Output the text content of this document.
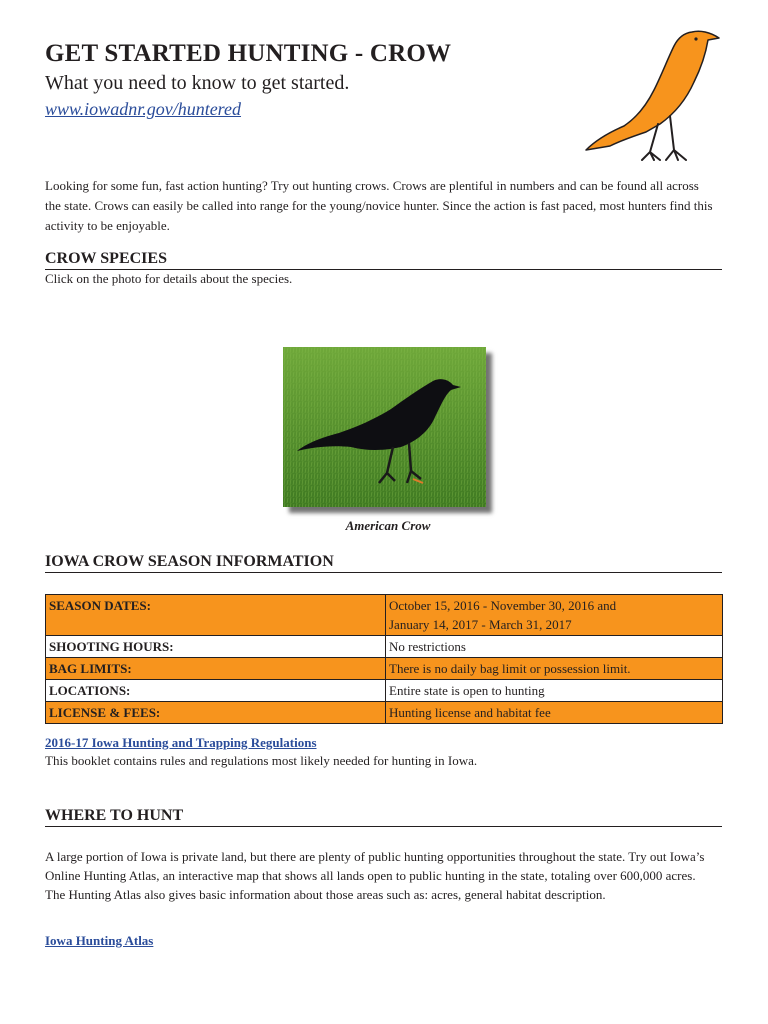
GET STARTED HUNTING - CROW
What you need to know to get started.
www.iowadnr.gov/huntered
Looking for some fun, fast action hunting? Try out hunting crows. Crows are plentiful in numbers and can be found all across the state. Crows can easily be called into range for the young/novice hunter. Since the action is fast paced, most hunters find this activity to be enjoyable.
CROW SPECIES
Click on the photo for details about the species.
American Crow
IOWA CROW SEASON INFORMATION
SEASON DATES:	October 15, 2016 - November 30, 2016 and
January 14, 2017 - March 31, 2017

SHOOTING HOURS:	No restrictions
BAG LIMITS:	There is no daily bag limit or possession limit.
LOCATIONS:	Entire state is open to hunting
LICENSE & FEES:	Hunting license and habitat fee
2016-17 Iowa Hunting and Trapping Regulations
This booklet contains rules and regulations most likely needed for hunting in Iowa.
WHERE TO HUNT
A large portion of Iowa is private land, but there are plenty of public hunting opportunities throughout the state. Try out Iowa’s Online Hunting Atlas, an interactive map that shows all lands open to public hunting in the state, totaling over 600,000 acres. The Hunting Atlas also gives basic information about those areas such as: acres, general habitat description.
Iowa Hunting Atlas
